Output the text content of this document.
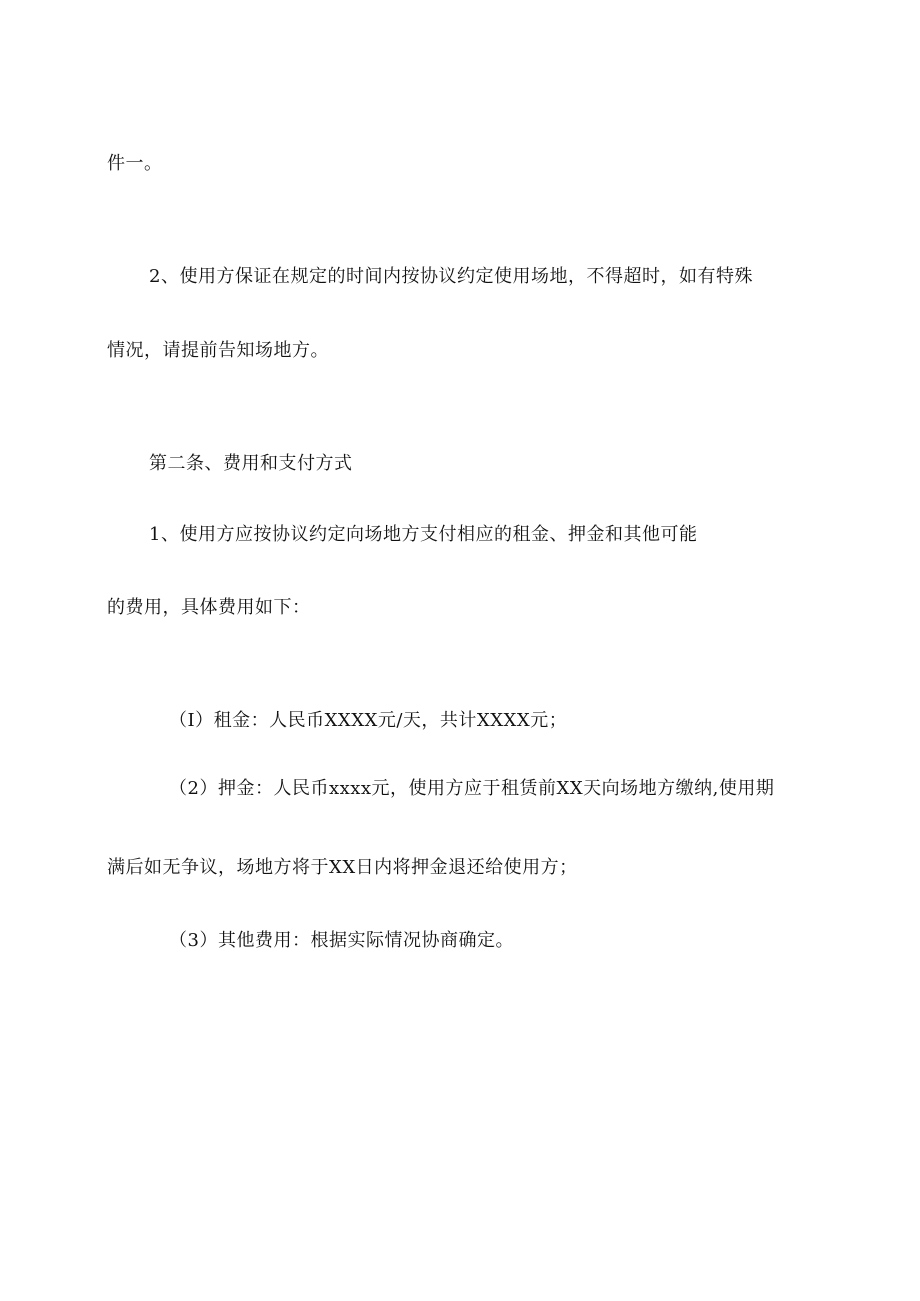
件一。
2、使用方保证在规定的时间内按协议约定使用场地，不得超时，如有特殊
情况，请提前告知场地方。
第二条、费用和支付方式
1、使用方应按协议约定向场地方支付相应的租金、押金和其他可能
的费用，具体费用如下：
（I）租金：人民币XXXX元/天，共计XXXX元；
（2）押金：人民币xxxx元，使用方应于租赁前XX天向场地方缴纳,使用期
满后如无争议，场地方将于XX日内将押金退还给使用方；
（3）其他费用：根据实际情况协商确定。
